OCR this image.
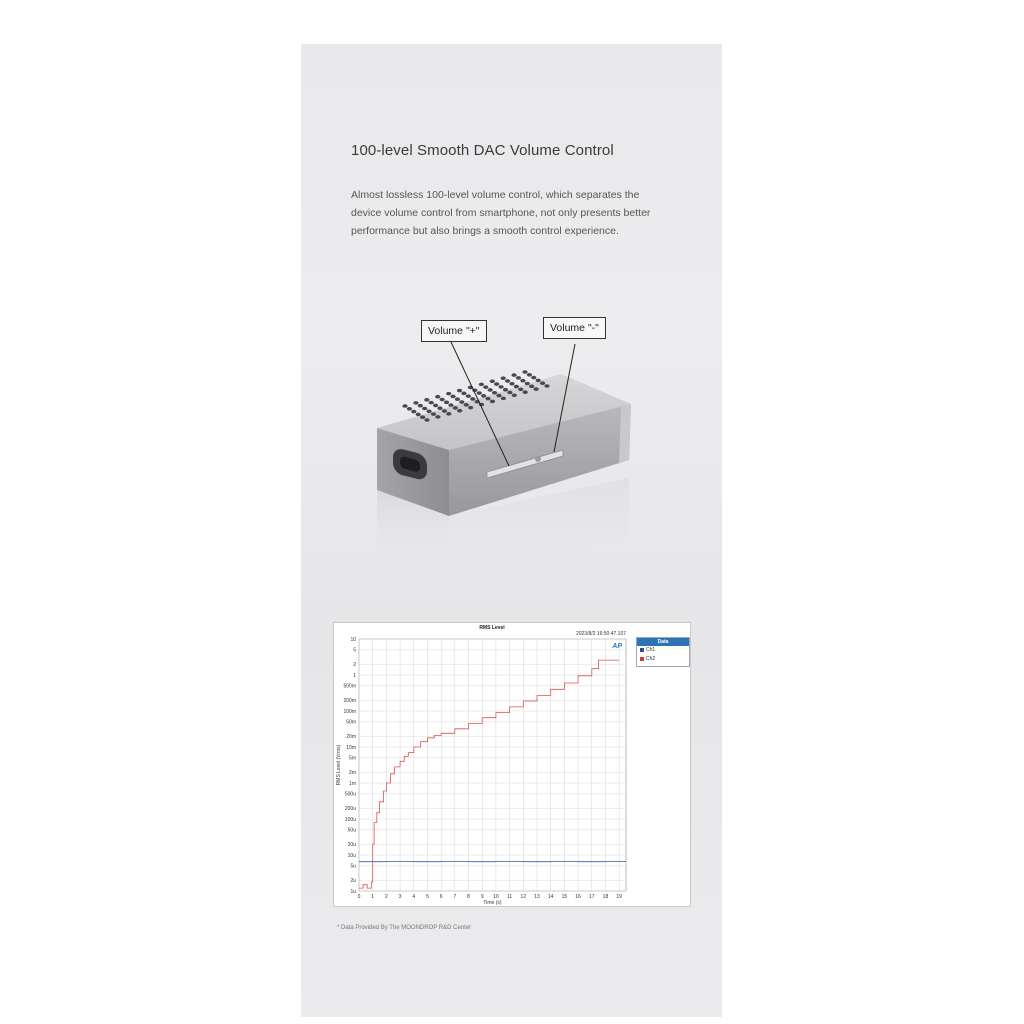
100-level Smooth DAC Volume Control

Almost lossless 100-level volume control, which separates the device volume control from smartphone, not only presents better performance but also brings a smooth control experience.

Volume "+"	Volume "-"
0 1 2 3 4 5 6 7 8 9 10 11 12 13 14 15 16 17 18 19
10
5
2
1
500m
200m
100m
50m
20m
10m
5m
2m
1m
500u
200u
100u
50u
20u
10u
5u
2u
1u
RMS Level
2023/8/2 16:50:47.107
Time (s)
RMS Level (Vrms)
AP
Data
Ch1
Ch2
* Data Provided By The MOONDROP R&D Center
